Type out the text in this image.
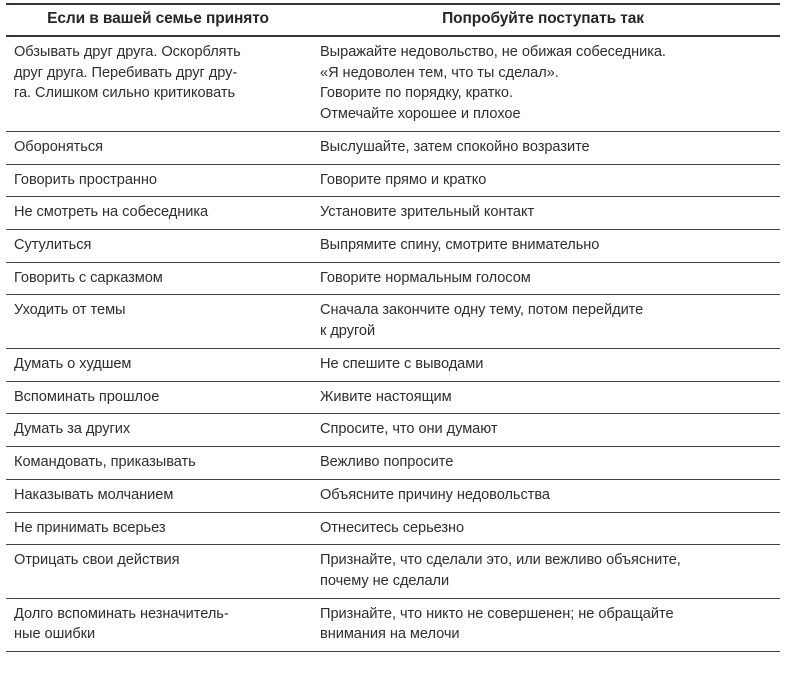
Если в вашей семье принято	Попробуйте поступать так

Обзывать друг друга. Оскорблять
друг друга. Перебивать друг дру-
га. Слишком сильно критиковать	Выражайте недовольство, не обижая собеседника.
«Я недоволен тем, что ты сделал».
Говорите по порядку, кратко.
Отмечайте хорошее и плохое

Обороняться	Выслушайте, затем спокойно возразите

Говорить пространно	Говорите прямо и кратко

Не смотреть на собеседника	Установите зрительный контакт

Сутулиться	Выпрямите спину, смотрите внимательно

Говорить с сарказмом	Говорите нормальным голосом

Уходить от темы	Сначала закончите одну тему, потом перейдите
к другой

Думать о худшем	Не спешите с выводами

Вспоминать прошлое	Живите настоящим

Думать за других	Спросите, что они думают

Командовать, приказывать	Вежливо попросите

Наказывать молчанием	Объясните причину недовольства

Не принимать всерьез	Отнеситесь серьезно

Отрицать свои действия	Признайте, что сделали это, или вежливо объясните,
почему не сделали

Долго вспоминать незначитель-
ные ошибки	Признайте, что никто не совершенен; не обращайте
внимания на мелочи
